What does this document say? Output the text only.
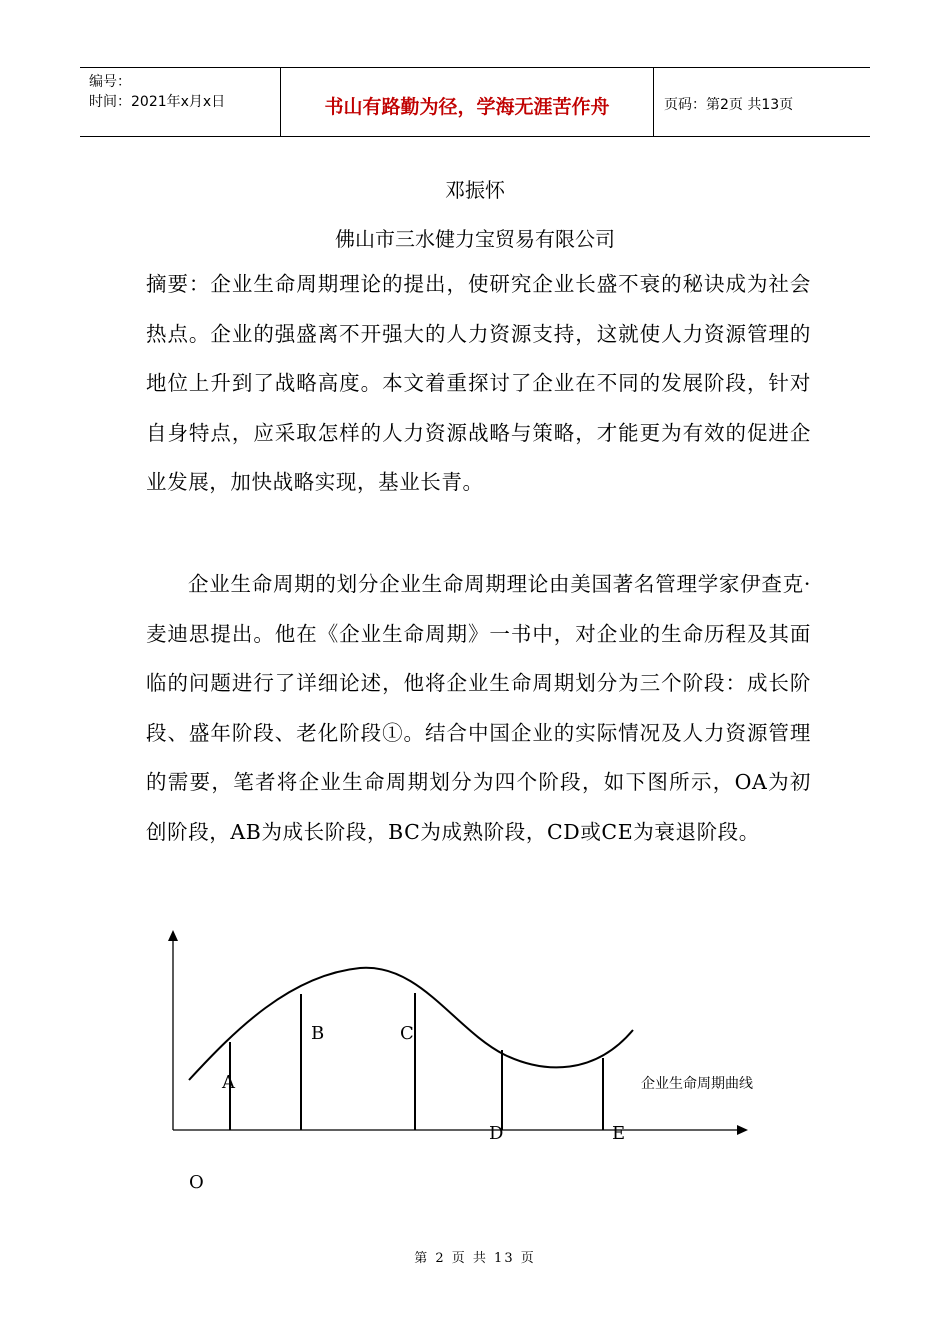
编号：
时间：2021年x月x日	书山有路勤为径，学海无涯苦作舟	页码：第2页 共13页
邓振怀
佛山市三水健力宝贸易有限公司
摘要：企业生命周期理论的提出，使研究企业长盛不衰的秘诀成为社会热点。企业的强盛离不开强大的人力资源支持，这就使人力资源管理的地位上升到了战略高度。本文着重探讨了企业在不同的发展阶段，针对自身特点，应采取怎样的人力资源战略与策略，才能更为有效的促进企业发展，加快战略实现，基业长青。
企业生命周期的划分企业生命周期理论由美国著名管理学家伊查克·麦迪思提出。他在《企业生命周期》一书中，对企业的生命历程及其面临的问题进行了详细论述，他将企业生命周期划分为三个阶段：成长阶段、盛年阶段、老化阶段①。结合中国企业的实际情况及人力资源管理的需要，笔者将企业生命周期划分为四个阶段，如下图所示，OA为初创阶段，AB为成长阶段，BC为成熟阶段，CD或CE为衰退阶段。
A
B	C
D	E
O
企业生命周期曲线
第 2 页 共 13 页
